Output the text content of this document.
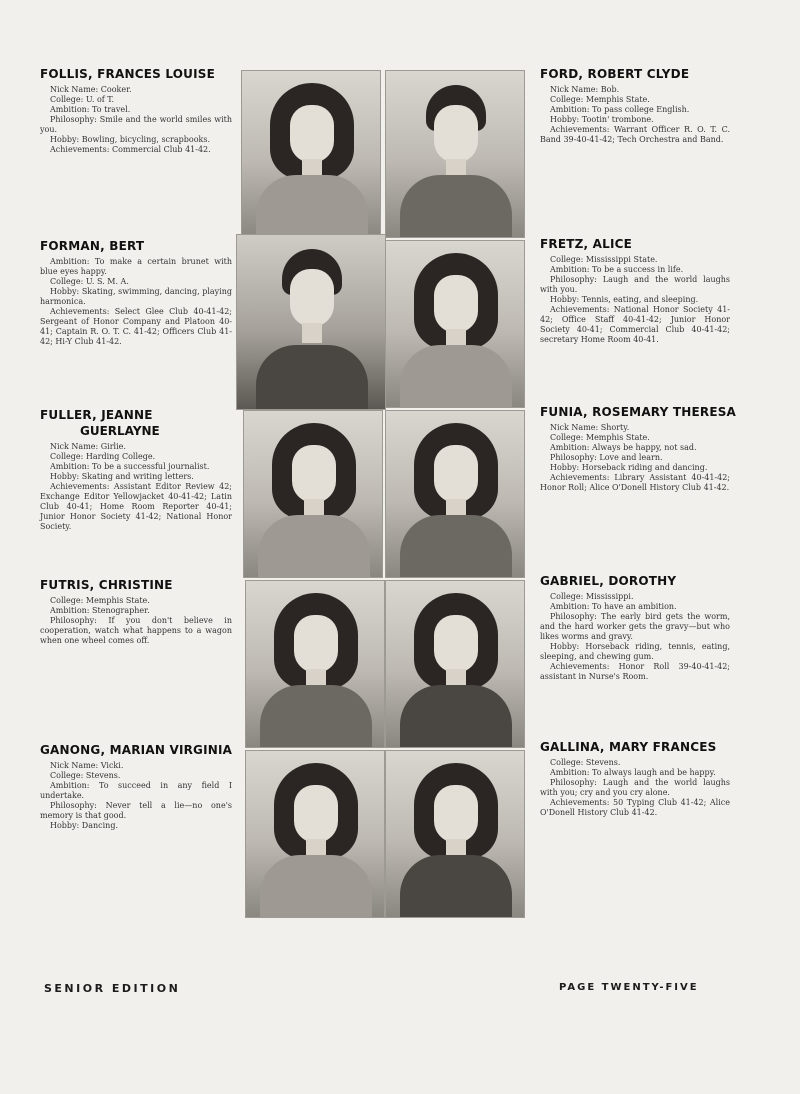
FOLLIS, FRANCES LOUISE

Nick Name: Cooker.

College: U. of T.

Ambition: To travel.

Philosophy: Smile and the world smiles with you.

Hobby: Bowling, bicycling, scrapbooks.

Achievements: Commercial Club 41-42.

FORD, ROBERT CLYDE

Nick Name: Bob.

College: Memphis State.

Ambition: To pass college English.

Hobby: Tootin' trombone.

Achievements: Warrant Officer R. O. T. C. Band 39-40-41-42; Tech Orchestra and Band.

FORMAN, BERT

Ambition: To make a certain brunet with blue eyes happy.

College: U. S. M. A.

Hobby: Skating, swimming, dancing, playing harmonica.

Achievements: Select Glee Club 40-41-42; Sergeant of Honor Company and Platoon 40-41; Captain R. O. T. C. 41-42; Officers Club 41-42; Hi-Y Club 41-42.

FRETZ, ALICE

College: Mississippi State.

Ambition: To be a success in life.

Philosophy: Laugh and the world laughs with you.

Hobby: Tennis, eating, and sleeping.

Achievements: National Honor Society 41-42; Office Staff 40-41-42; Junior Honor Society 40-41; Commercial Club 40-41-42; secretary Home Room 40-41.

FULLER, JEANNE
GUERLAYNE

Nick Name: Girlie.

College: Harding College.

Ambition: To be a successful journalist.

Hobby: Skating and writing letters.

Achievements: Assistant Editor Review 42; Exchange Editor Yellowjacket 40-41-42; Latin Club 40-41; Home Room Reporter 40-41; Junior Honor Society 41-42; National Honor Society.

FUNIA, ROSEMARY THERESA

Nick Name: Shorty.

College: Memphis State.

Ambition: Always be happy, not sad.

Philosophy: Love and learn.

Hobby: Horseback riding and dancing.

Achievements: Library Assistant 40-41-42; Honor Roll; Alice O'Donell History Club 41-42.

FUTRIS, CHRISTINE

College: Memphis State.

Ambition: Stenographer.

Philosophy: If you don't believe in cooperation, watch what happens to a wagon when one wheel comes off.

GABRIEL, DOROTHY

College: Mississippi.

Ambition: To have an ambition.

Philosophy: The early bird gets the worm, and the hard worker gets the gravy—but who likes worms and gravy.

Hobby: Horseback riding, tennis, eating, sleeping, and chewing gum.

Achievements: Honor Roll 39-40-41-42; assistant in Nurse's Room.

GANONG, MARIAN VIRGINIA

Nick Name: Vicki.

College: Stevens.

Ambition: To succeed in any field I undertake.

Philosophy: Never tell a lie—no one's memory is that good.

Hobby: Dancing.

GALLINA, MARY FRANCES

College: Stevens.

Ambition: To always laugh and be happy.

Philosophy: Laugh and the world laughs with you; cry and you cry alone.

Achievements: 50 Typing Club 41-42; Alice O'Donell History Club 41-42.

SENIOR EDITION	PAGE TWENTY-FIVE
